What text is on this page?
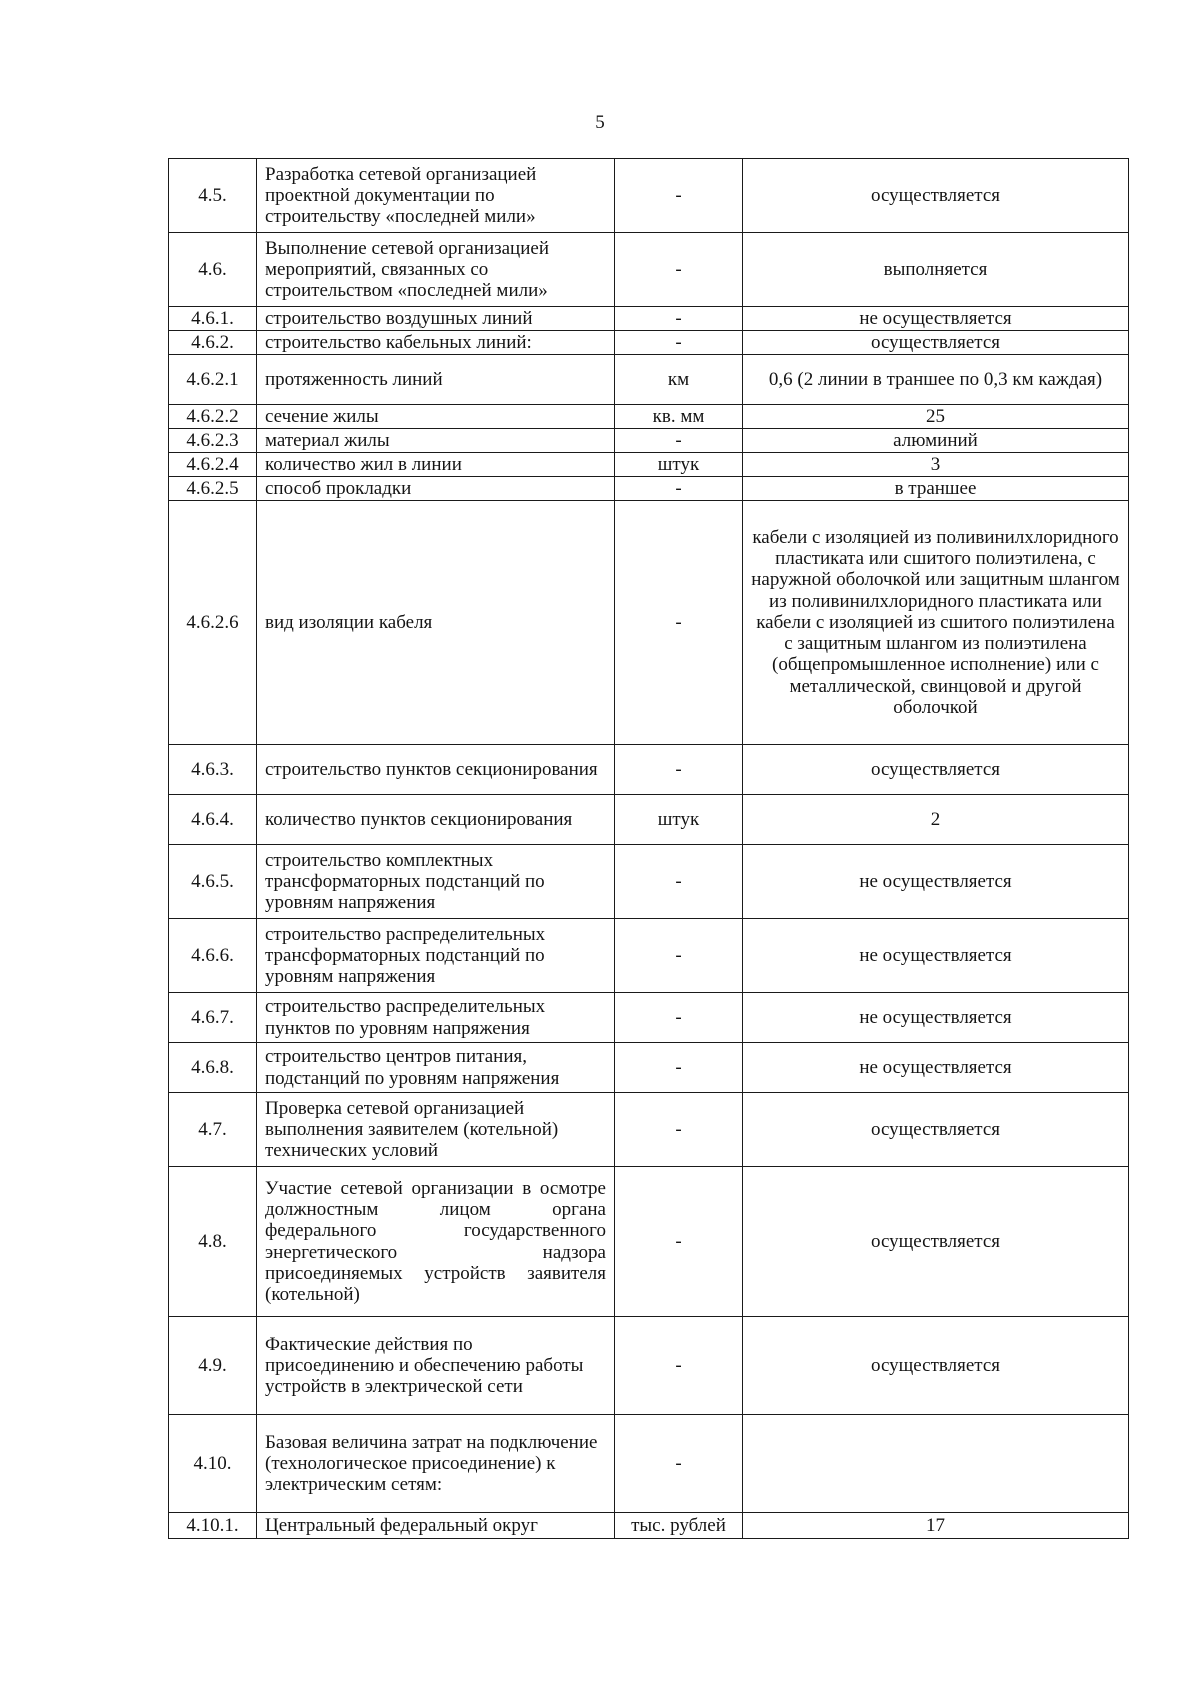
5
4.5.	Разработка сетевой организацией проектной документации по строительству «последней мили»	-	осуществляется
4.6.	Выполнение сетевой организацией мероприятий, связанных со строительством «последней мили»	-	выполняется
4.6.1.	строительство воздушных линий	-	не осуществляется
4.6.2.	строительство кабельных линий:	-	осуществляется
4.6.2.1	протяженность линий	км	0,6 (2 линии в траншее по 0,3 км каждая)
4.6.2.2	сечение жилы	кв. мм	25
4.6.2.3	материал жилы	-	алюминий
4.6.2.4	количество жил в линии	штук	3
4.6.2.5	способ прокладки	-	в траншее
4.6.2.6	вид изоляции кабеля	-	кабели с изоляцией из поливинилхлоридного пластиката или сшитого полиэтилена, с наружной оболочкой или защитным шлангом из поливинилхлоридного пластиката или кабели с изоляцией из сшитого полиэтилена с защитным шлангом из полиэтилена (общепромышленное исполнение) или с металлической, свинцовой и другой оболочкой
4.6.3.	строительство пунктов секционирования	-	осуществляется
4.6.4.	количество пунктов секционирования	штук	2
4.6.5.	строительство комплектных трансформаторных подстанций по уровням напряжения	-	не осуществляется
4.6.6.	строительство распределительных трансформаторных подстанций по уровням напряжения	-	не осуществляется
4.6.7.	строительство распределительных пунктов по уровням напряжения	-	не осуществляется
4.6.8.	строительство центров питания, подстанций по уровням напряжения	-	не осуществляется
4.7.	Проверка сетевой организацией выполнения заявителем (котельной) технических условий	-	осуществляется
4.8.	Участие сетевой организации в осмотре должностным лицом органа федерального государственного энергетического надзора присоединяемых устройств заявителя (котельной)	-	осуществляется
4.9.	Фактические действия по присоединению и обеспечению работы устройств в электрической сети	-	осуществляется
4.10.	Базовая величина затрат на подключение (технологическое присоединение) к электрическим сетям:	-	
4.10.1.	Центральный федеральный округ	тыс. рублей	17
